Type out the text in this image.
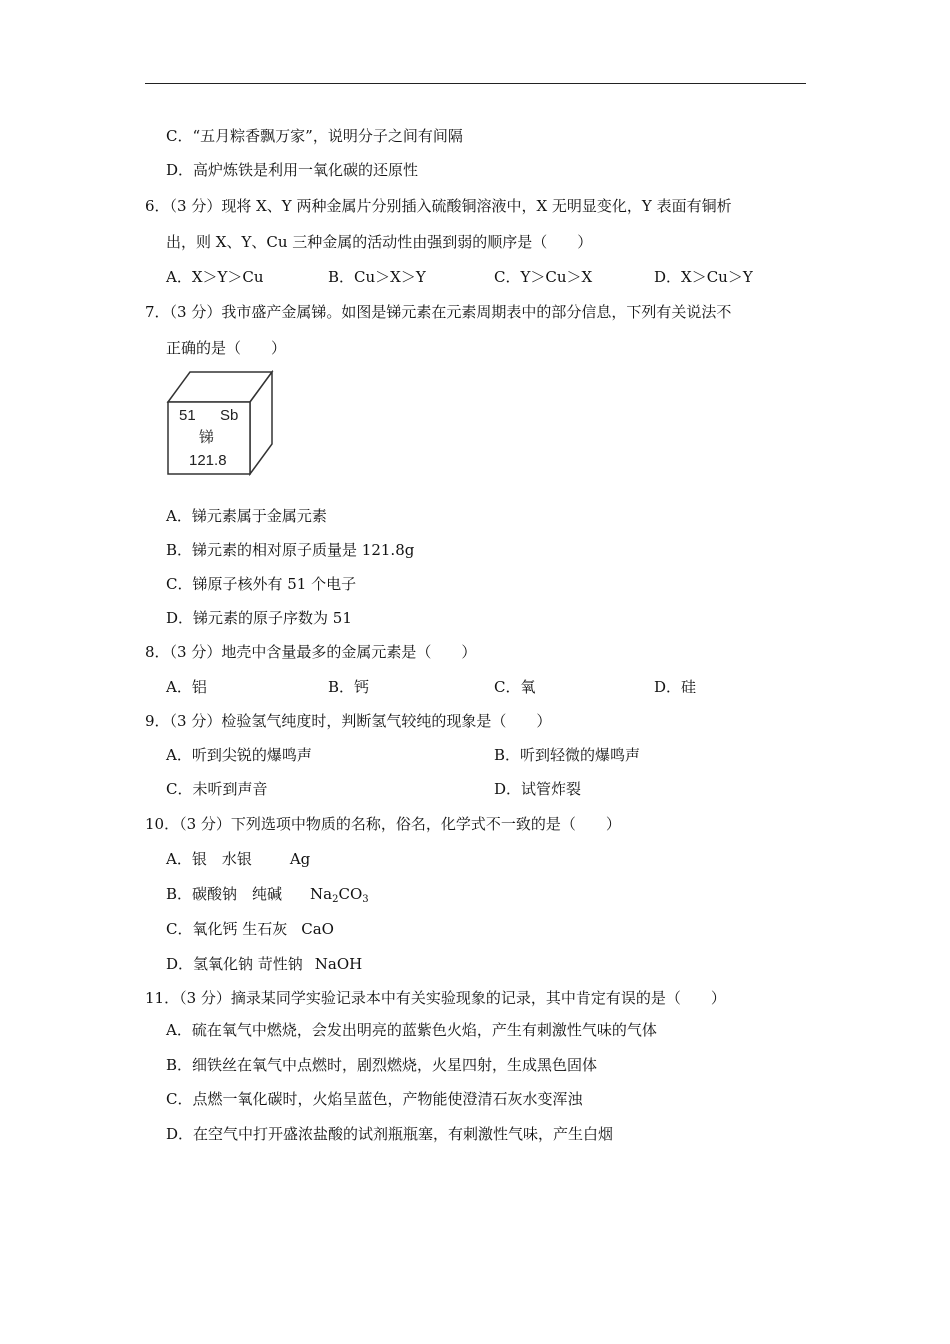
C．“五月粽香飘万家”，说明分子之间有间隔
D．高炉炼铁是利用一氧化碳的还原性
6．（3 分）现将 X、Y 两种金属片分别插入硫酸铜溶液中，X 无明显变化，Y 表面有铜析
出，则 X、Y、Cu 三种金属的活动性由强到弱的顺序是（　　）
A．X＞Y＞Cu	B．Cu＞X＞Y	C．Y＞Cu＞X	D．X＞Cu＞Y
7．（3 分）我市盛产金属锑。如图是锑元素在元素周期表中的部分信息，下列有关说法不
正确的是（　　）
51 Sb
锑
121.8
A．锑元素属于金属元素
B．锑元素的相对原子质量是 121.8g
C．锑原子核外有 51 个电子
D．锑元素的原子序数为 51
8．（3 分）地壳中含量最多的金属元素是（　　）
A．铝	B．钙	C．氧	D．硅
9．（3 分）检验氢气纯度时，判断氢气较纯的现象是（　　）
A．听到尖锐的爆鸣声	B．听到轻微的爆鸣声
C．未听到声音	D．试管炸裂
10．（3 分）下列选项中物质的名称，俗名，化学式不一致的是（　　）
A．银　水银	Ag
B．碳酸钠　纯碱 $Na_2CO_3$
C．氧化钙 生石灰 CaO
D．氢氧化钠 苛性钠 NaOH
11．（3 分）摘录某同学实验记录本中有关实验现象的记录，其中肯定有误的是（　　）
A．硫在氧气中燃烧，会发出明亮的蓝紫色火焰，产生有刺激性气味的气体
B．细铁丝在氧气中点燃时，剧烈燃烧，火星四射，生成黑色固体
C．点燃一氧化碳时，火焰呈蓝色，产物能使澄清石灰水变浑浊
D．在空气中打开盛浓盐酸的试剂瓶瓶塞，有刺激性气味，产生白烟
